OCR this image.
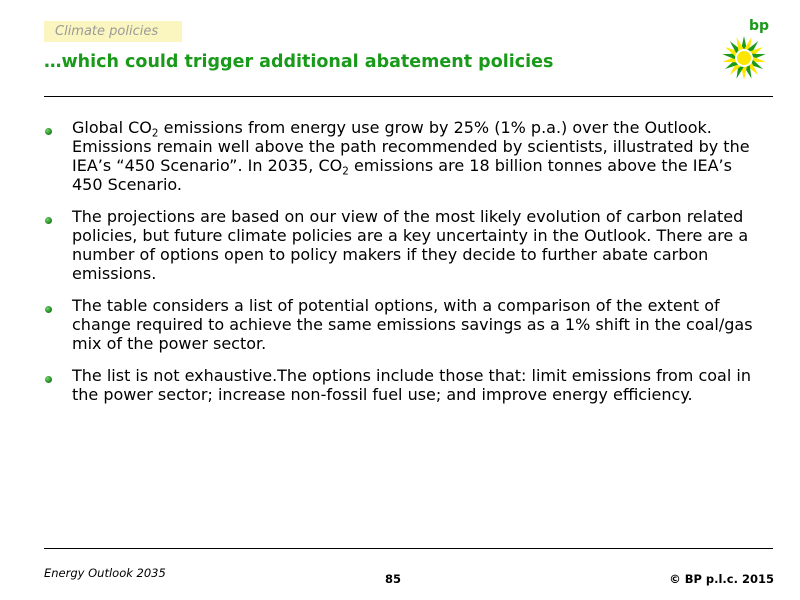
Climate policies
…which could trigger additional abatement policies
bp
Global $CO_2$ emissions from energy use grow by 25% (1% p.a.) over the Outlook. Emissions remain well above the path recommended by scientists, illustrated by the IEA’s “450 Scenario”. In 2035, $CO_2$ emissions are 18 billion tonnes above the IEA’s 450 Scenario.
The projections are based on our view of the most likely evolution of carbon related policies, but future climate policies are a key uncertainty in the Outlook. There are a number of options open to policy makers if they decide to further abate carbon emissions.
The table considers a list of potential options, with a comparison of the extent of change required to achieve the same emissions savings as a 1% shift in the coal/gas mix of the power sector.
The list is not exhaustive.The options include those that: limit emissions from coal in the power sector; increase non-fossil fuel use; and improve energy efficiency.
Energy Outlook 2035	85	© BP p.l.c. 2015
